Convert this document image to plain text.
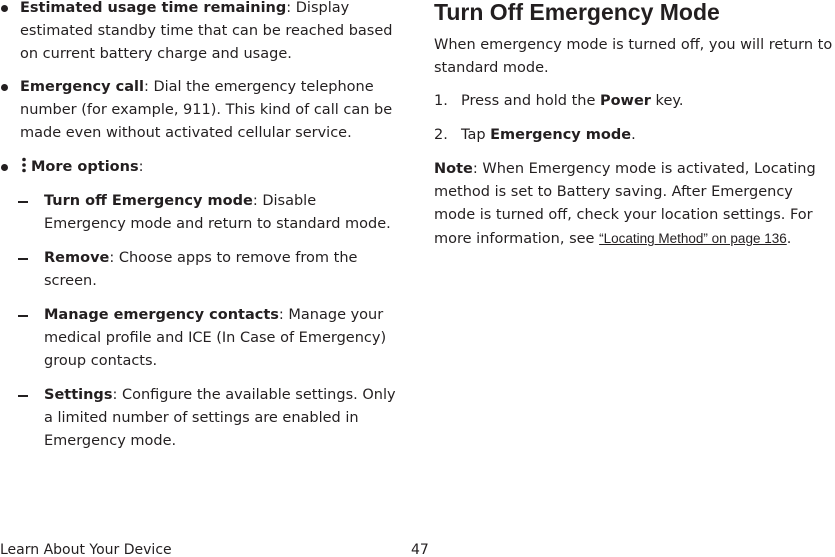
Estimated usage time remaining: Display estimated standby time that can be reached based on current battery charge and usage.
Emergency call: Dial the emergency telephone number (for example, 911). This kind of call can be made even without activated cellular service.
More options:
Turn off Emergency mode: Disable Emergency mode and return to standard mode.
Remove: Choose apps to remove from the screen.
Manage emergency contacts: Manage your medical profile and ICE (In Case of Emergency) group contacts.
Settings: Configure the available settings. Only a limited number of settings are enabled in Emergency mode.
Turn Off Emergency Mode
When emergency mode is turned off, you will return to standard mode.
1. Press and hold the Power key.
2. Tap Emergency mode.
Note: When Emergency mode is activated, Locating method is set to Battery saving. After Emergency mode is turned off, check your location settings. For more information, see “Locating Method” on page 136.
Learn About Your Device	47
